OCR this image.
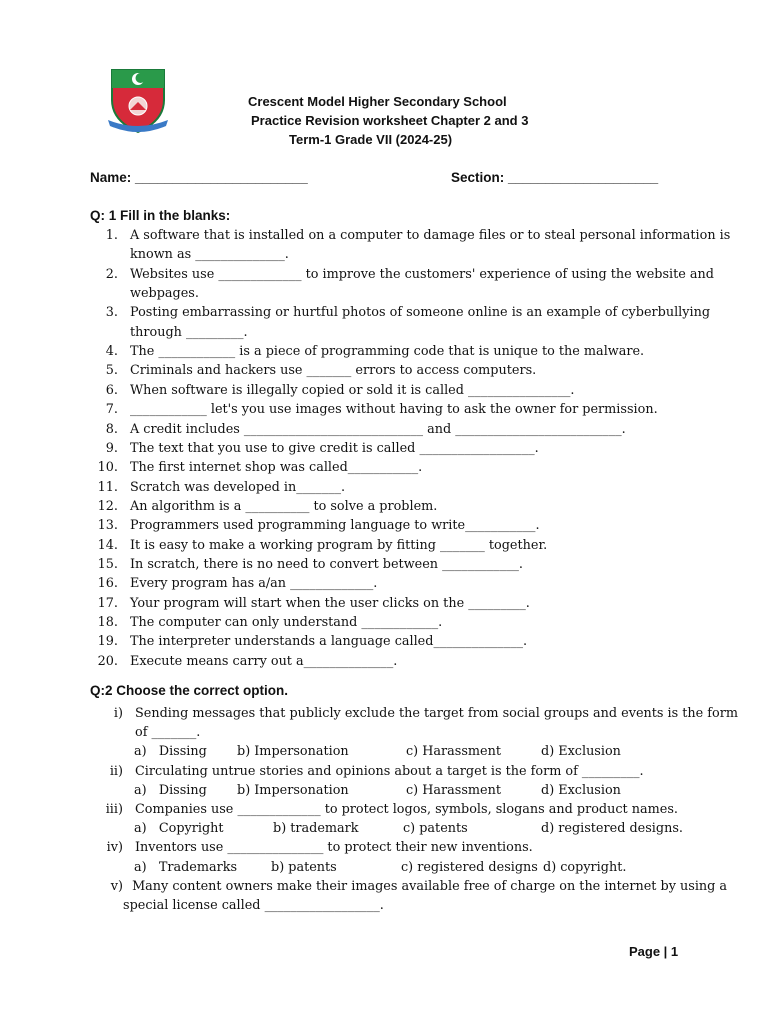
Crescent Model Higher Secondary School
Practice Revision worksheet Chapter 2 and 3
Term-1 Grade VII (2024-25)
Name: _______________________	Section: ____________________
Q: 1 Fill in the blanks:
1. A software that is installed on a computer to damage files or to steal personal information is
known as ______________.
2. Websites use _____________ to improve the customers' experience of using the website and
webpages.
3. Posting embarrassing or hurtful photos of someone online is an example of cyberbullying
through _________.
4. The ____________ is a piece of programming code that is unique to the malware.
5. Criminals and hackers use _______ errors to access computers.
6. When software is illegally copied or sold it is called ________________.
7. ____________ let's you use images without having to ask the owner for permission.
8. A credit includes ____________________________ and __________________________.
9. The text that you use to give credit is called __________________.
10. The first internet shop was called___________.
11. Scratch was developed in_______.
12. An algorithm is a __________ to solve a problem.
13. Programmers used programming language to write___________.
14. It is easy to make a working program by fitting _______ together.
15. In scratch, there is no need to convert between ____________.
16. Every program has a/an _____________.
17. Your program will start when the user clicks on the _________.
18. The computer can only understand ____________.
19. The interpreter understands a language called______________.
20. Execute means carry out a______________.
Q:2 Choose the correct option.
i) Sending messages that publicly exclude the target from social groups and events is the form
of _______.
a)   Dissing b) Impersonation	c) Harassment	d) Exclusion
ii) Circulating untrue stories and opinions about a target is the form of _________.
a)   Dissing b) Impersonation	c) Harassment	d) Exclusion
iii) Companies use _____________ to protect logos, symbols, slogans and product names.
a)   Copyright	b) trademark	c) patents	d) registered designs.
iv) Inventors use _______________ to protect their new inventions.
a)   Trademarks	b) patents	c) registered designs d) copyright.
v) Many content owners make their images available free of charge on the internet by using a
special license called __________________.
Page | 1
